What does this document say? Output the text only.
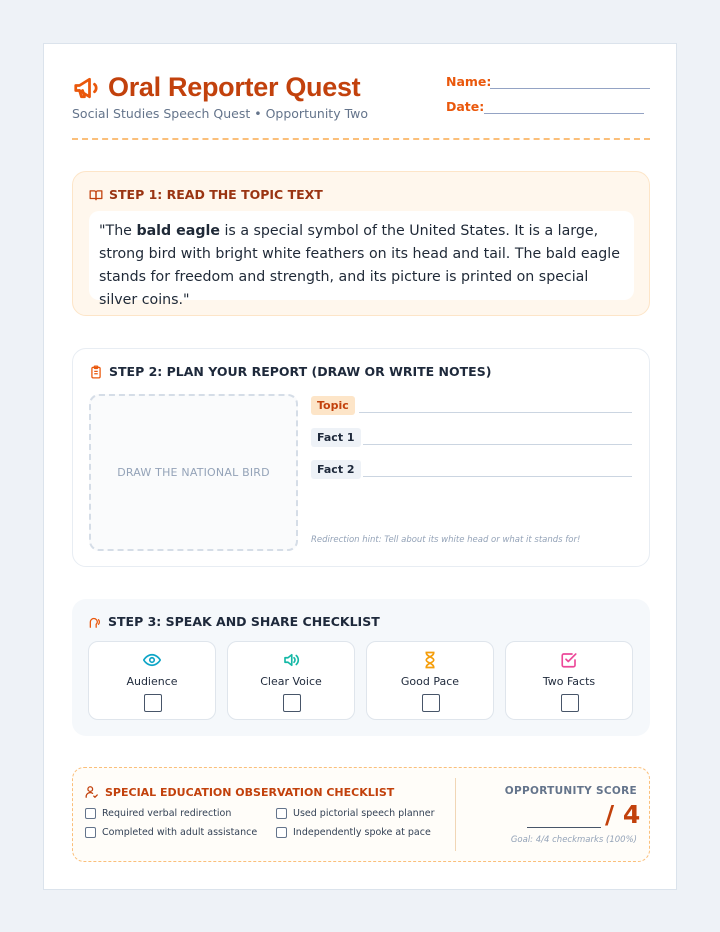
Oral Reporter Quest
Social Studies Speech Quest • Opportunity Two
Name:
Date:
STEP 1: READ THE TOPIC TEXT
"The bald eagle is a special symbol of the United States. It is a large, strong bird with bright white feathers on its head and tail. The bald eagle stands for freedom and strength, and its picture is printed on special silver coins."
STEP 2: PLAN YOUR REPORT (DRAW OR WRITE NOTES)
DRAW THE NATIONAL BIRD
Topic
Fact 1
Fact 2
Redirection hint: Tell about its white head or what it stands for!
STEP 3: SPEAK AND SHARE CHECKLIST
Audience	Clear Voice	Good Pace	Two Facts
SPECIAL EDUCATION OBSERVATION CHECKLIST
Required verbal redirection	Used pictorial speech planner
Completed with adult assistance	Independently spoke at pace
OPPORTUNITY SCORE
/ 4
Goal: 4/4 checkmarks (100%)
